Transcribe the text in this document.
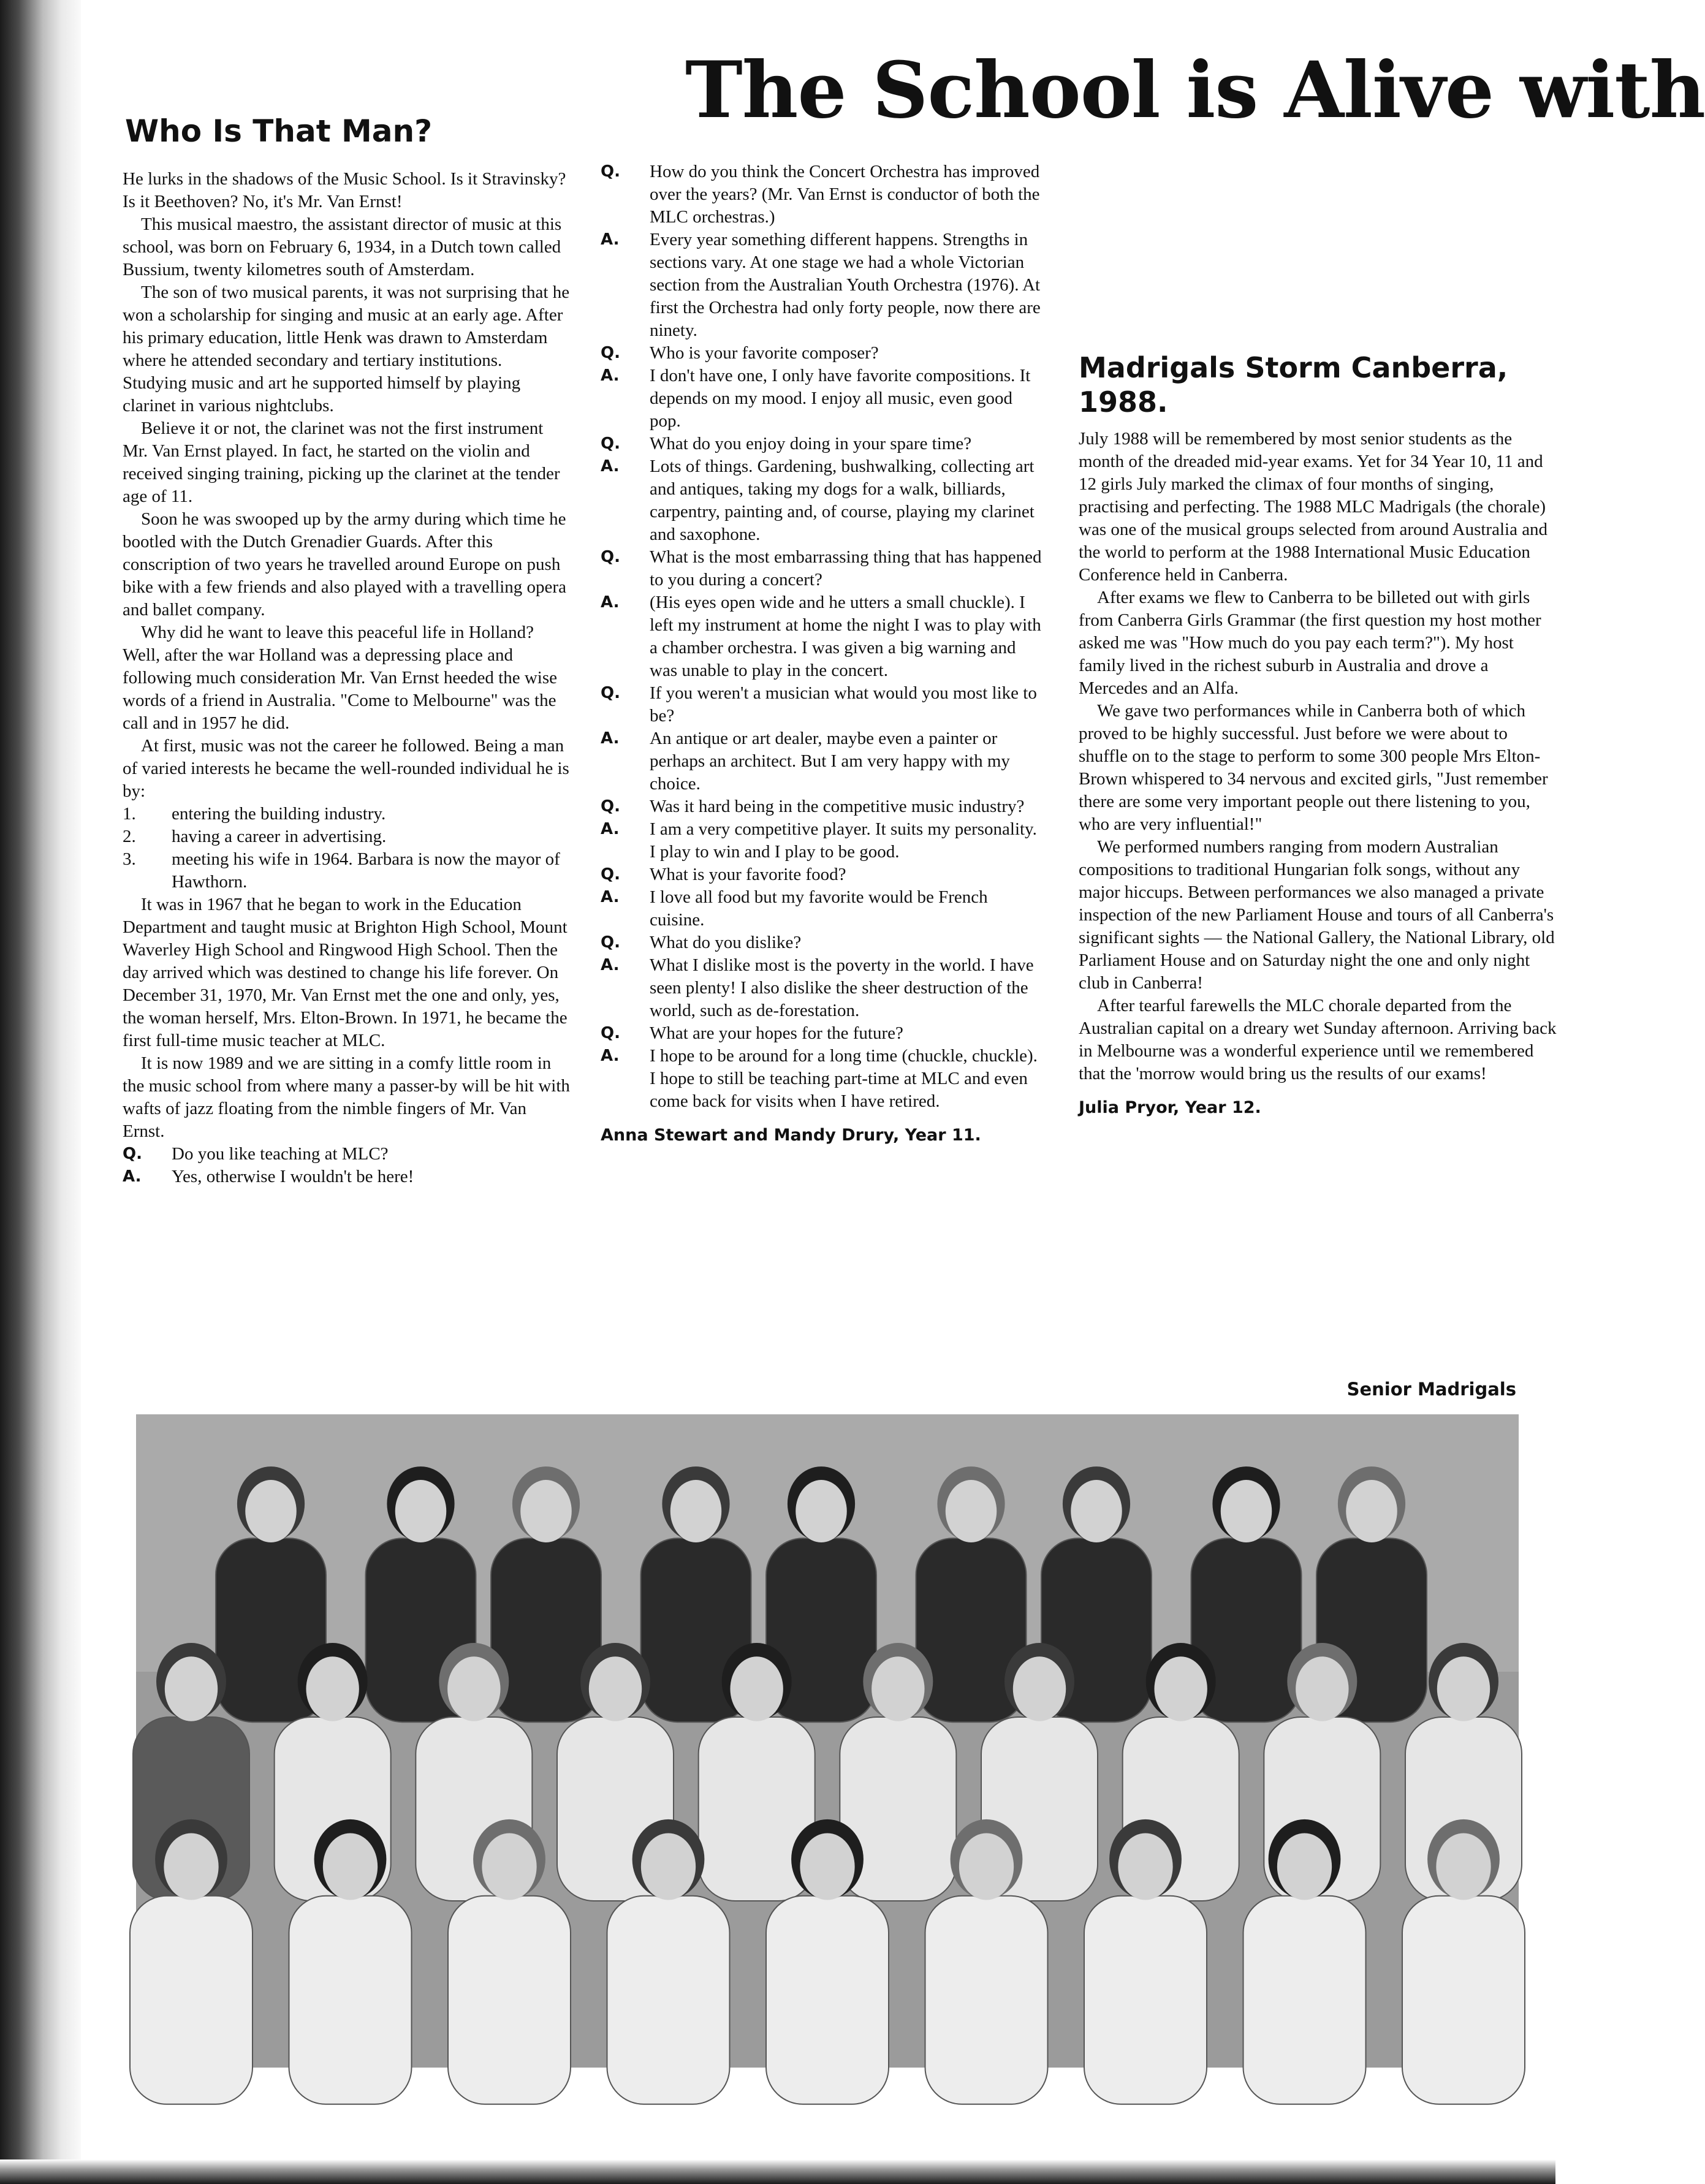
The School is Alive with
Who Is That Man?

He lurks in the shadows of the Music School. Is it Stravinsky? Is it Beethoven? No, it's Mr. Van Ernst!

This musical maestro, the assistant director of music at this school, was born on February 6, 1934, in a Dutch town called Bussium, twenty kilometres south of Amsterdam.

The son of two musical parents, it was not surprising that he won a scholarship for singing and music at an early age. After his primary education, little Henk was drawn to Amsterdam where he attended secondary and tertiary institutions. Studying music and art he supported himself by playing clarinet in various nightclubs.

Believe it or not, the clarinet was not the first instrument Mr. Van Ernst played. In fact, he started on the violin and received singing training, picking up the clarinet at the tender age of 11.

Soon he was swooped up by the army during which time he bootled with the Dutch Grenadier Guards. After this conscription of two years he travelled around Europe on push bike with a few friends and also played with a travelling opera and ballet company.

Why did he want to leave this peaceful life in Holland? Well, after the war Holland was a depressing place and following much consideration Mr. Van Ernst heeded the wise words of a friend in Australia. "Come to Melbourne" was the call and in 1957 he did.

At first, music was not the career he followed. Being a man of varied interests he became the well-rounded individual he is by:

1.	entering the building industry.
2.	having a career in advertising.
3.	meeting his wife in 1964. Barbara is now the mayor of Hawthorn.

It was in 1967 that he began to work in the Education Department and taught music at Brighton High School, Mount Waverley High School and Ringwood High School. Then the day arrived which was destined to change his life forever. On December 31, 1970, Mr. Van Ernst met the one and only, yes, the woman herself, Mrs. Elton-Brown. In 1971, he became the first full-time music teacher at MLC.

It is now 1989 and we are sitting in a comfy little room in the music school from where many a passer-by will be hit with wafts of jazz floating from the nimble fingers of Mr. Van Ernst.

Q.	Do you like teaching at MLC?
A.	Yes, otherwise I wouldn't be here!
Q.	How do you think the Concert Orchestra has improved over the years? (Mr. Van Ernst is conductor of both the MLC orchestras.)
A.	Every year something different happens. Strengths in sections vary. At one stage we had a whole Victorian section from the Australian Youth Orchestra (1976). At first the Orchestra had only forty people, now there are ninety.
Q.	Who is your favorite composer?
A.	I don't have one, I only have favorite compositions. It depends on my mood. I enjoy all music, even good pop.
Q.	What do you enjoy doing in your spare time?
A.	Lots of things. Gardening, bushwalking, collecting art and antiques, taking my dogs for a walk, billiards, carpentry, painting and, of course, playing my clarinet and saxophone.
Q.	What is the most embarrassing thing that has happened to you during a concert?
A.	(His eyes open wide and he utters a small chuckle). I left my instrument at home the night I was to play with a chamber orchestra. I was given a big warning and was unable to play in the concert.
Q.	If you weren't a musician what would you most like to be?
A.	An antique or art dealer, maybe even a painter or perhaps an architect. But I am very happy with my choice.
Q.	Was it hard being in the competitive music industry?
A.	I am a very competitive player. It suits my personality. I play to win and I play to be good.
Q.	What is your favorite food?
A.	I love all food but my favorite would be French cuisine.
Q.	What do you dislike?
A.	What I dislike most is the poverty in the world. I have seen plenty! I also dislike the sheer destruction of the world, such as de-forestation.
Q.	What are your hopes for the future?
A.	I hope to be around for a long time (chuckle, chuckle). I hope to still be teaching part-time at MLC and even come back for visits when I have retired.
Anna Stewart and Mandy Drury, Year 11.
Madrigals Storm Canberra, 1988.

July 1988 will be remembered by most senior students as the month of the dreaded mid-year exams. Yet for 34 Year 10, 11 and 12 girls July marked the climax of four months of singing, practising and perfecting. The 1988 MLC Madrigals (the chorale) was one of the musical groups selected from around Australia and the world to perform at the 1988 International Music Education Conference held in Canberra.

After exams we flew to Canberra to be billeted out with girls from Canberra Girls Grammar (the first question my host mother asked me was "How much do you pay each term?"). My host family lived in the richest suburb in Australia and drove a Mercedes and an Alfa.

We gave two performances while in Canberra both of which proved to be highly successful. Just before we were about to shuffle on to the stage to perform to some 300 people Mrs Elton-Brown whispered to 34 nervous and excited girls, "Just remember there are some very important people out there listening to you, who are very influential!"

We performed numbers ranging from modern Australian compositions to traditional Hungarian folk songs, without any major hiccups. Between performances we also managed a private inspection of the new Parliament House and tours of all Canberra's significant sights — the National Gallery, the National Library, old Parliament House and on Saturday night the one and only night club in Canberra!

After tearful farewells the MLC chorale departed from the Australian capital on a dreary wet Sunday afternoon. Arriving back in Melbourne was a wonderful experience until we remembered that the 'morrow would bring us the results of our exams!

Julia Pryor, Year 12.
Senior Madrigals
